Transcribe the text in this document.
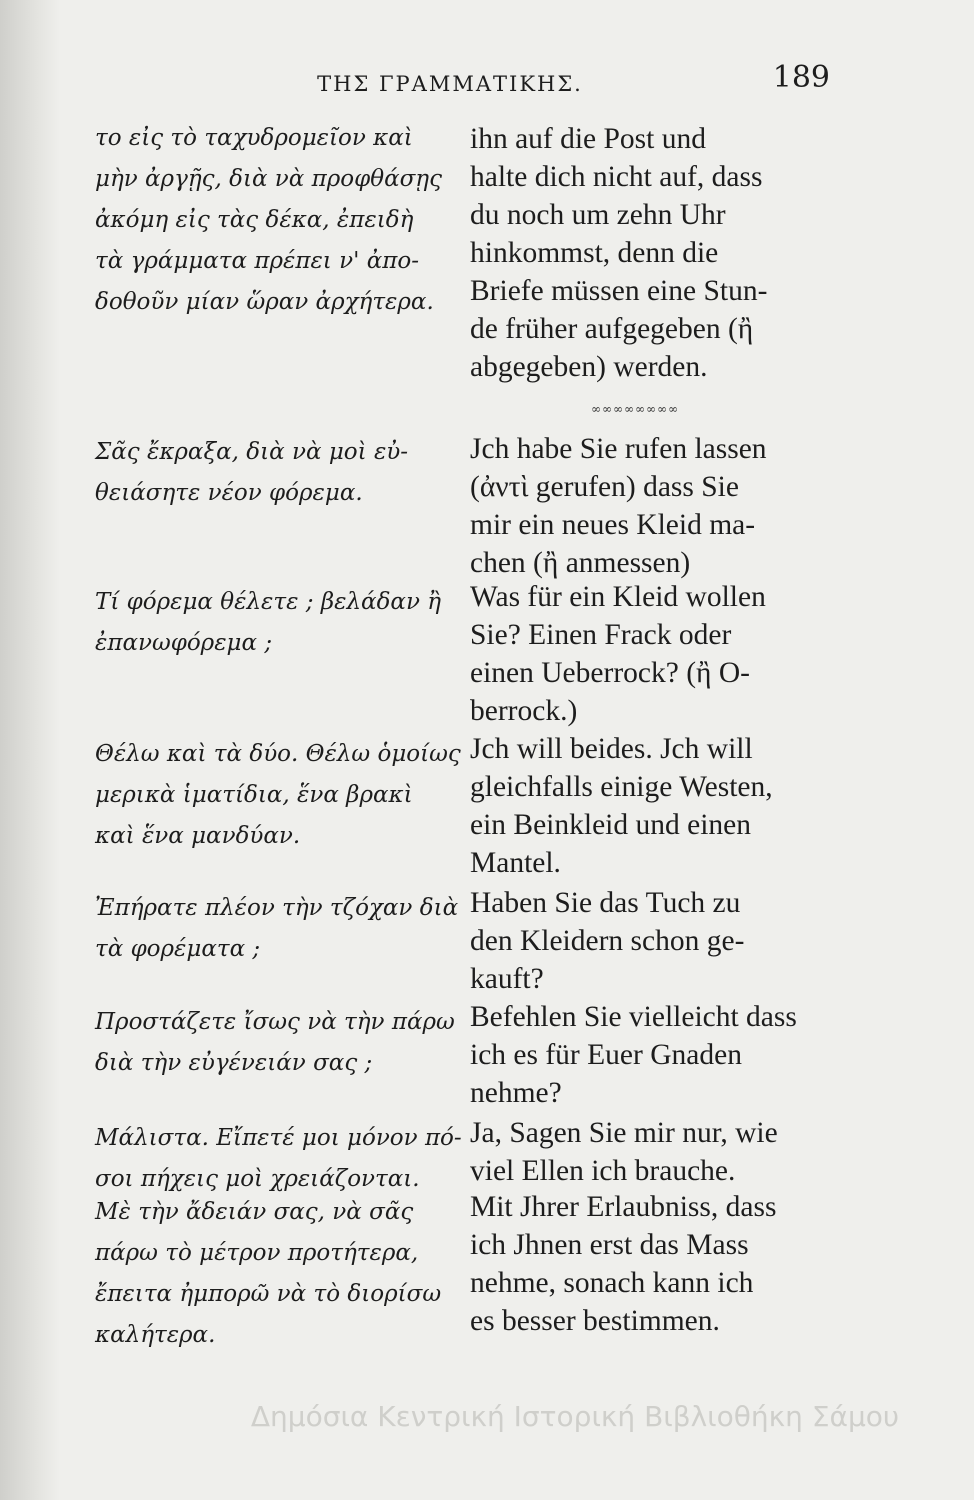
ΤΗΣ ΓΡΑΜΜΑΤΙΚΗΣ.	189
το εἰς τὸ ταχυδρομεῖον καὶ
μὴν ἀργῇς, διὰ νὰ προφθάσῃς
ἀκόμη εἰς τὰς δέκα, ἐπειδὴ
τὰ γράμματα πρέπει ν' ἀπο-
δοθοῦν μίαν ὥραν ἀρχήτερα.
ihn auf die Post und
halte dich nicht auf, dass
du noch um zehn Uhr
hinkommst, denn die
Briefe müssen eine Stun-
de früher aufgegeben (ἢ
abgegeben) werden.
∞∞∞∞∞∞∞∞
Σᾶς ἔκραξα, διὰ νὰ μοὶ εὐ-
θειάσητε νέον φόρεμα.
Jch habe Sie rufen lassen
(ἀντὶ gerufen) dass Sie
mir ein neues Kleid ma-
chen (ἢ anmessen)
Τί φόρεμα θέλετε ; βελάδαν ἢ
ἐπανωφόρεμα ;
Was für ein Kleid wollen
Sie? Einen Frack oder
einen Ueberrock? (ἢ O-
berrock.)
Θέλω καὶ τὰ δύο. Θέλω ὁμοίως
μερικὰ ἱματίδια, ἕνα βρακὶ
καὶ ἕνα μανδύαν.
Jch will beides. Jch will
gleichfalls einige Westen,
ein Beinkleid und einen
Mantel.
Ἐπήρατε πλέον τὴν τζόχαν διὰ
τὰ φορέματα ;
Haben Sie das Tuch zu
den Kleidern schon ge-
kauft?
Προστάζετε ἴσως νὰ τὴν πάρω
διὰ τὴν εὐγένειάν σας ;
Befehlen Sie vielleicht dass
ich es für Euer Gnaden
nehme?
Μάλιστα. Εἴπετέ μοι μόνον πό-
σοι πήχεις μοὶ χρειάζονται.
Ja, Sagen Sie mir nur, wie
viel Ellen ich brauche.
Μὲ τὴν ἄδειάν σας, νὰ σᾶς
πάρω τὸ μέτρον προτήτερα,
ἔπειτα ἠμπορῶ νὰ τὸ διορίσω
καλήτερα.
Mit Jhrer Erlaubniss, dass
ich Jhnen erst das Mass
nehme, sonach kann ich
es besser bestimmen.
Δημόσια Κεντρική Ιστορική Βιβλιοθήκη Σάμου
